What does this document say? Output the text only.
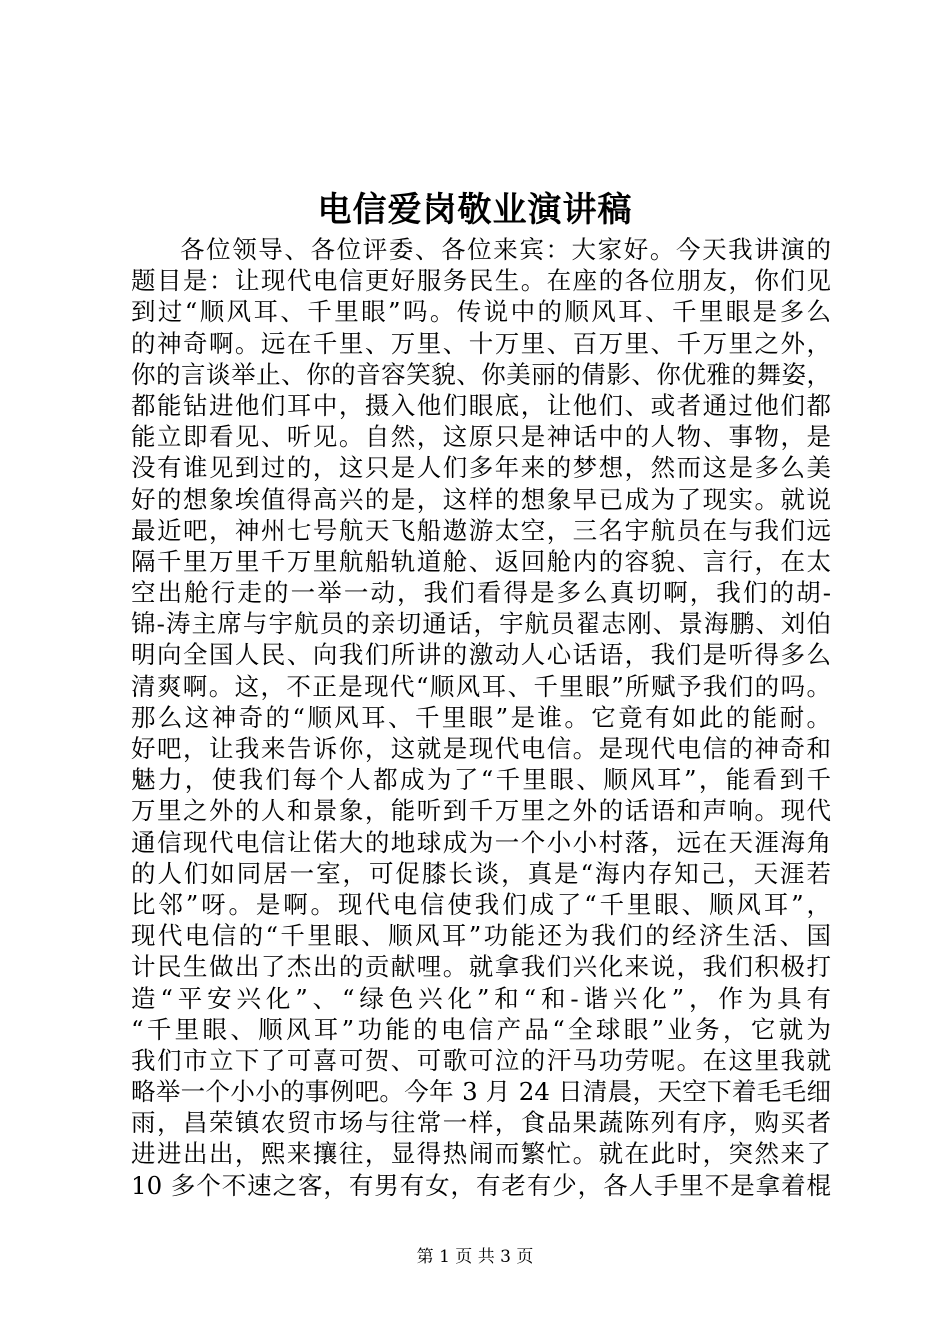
电信爱岗敬业演讲稿
各位领导、各位评委、各位来宾：大家好。今天我讲演的
题目是：让现代电信更好服务民生。在座的各位朋友，你们见
到过“顺风耳、千里眼”吗。传说中的顺风耳、千里眼是多么
的神奇啊。远在千里、万里、十万里、百万里、千万里之外，
你的言谈举止、你的音容笑貌、你美丽的倩影、你优雅的舞姿，
都能钻进他们耳中，摄入他们眼底，让他们、或者通过他们都
能立即看见、听见。自然，这原只是神话中的人物、事物，是
没有谁见到过的，这只是人们多年来的梦想，然而这是多么美
好的想象埃值得高兴的是，这样的想象早已成为了现实。就说
最近吧，神州七号航天飞船遨游太空，三名宇航员在与我们远
隔千里万里千万里航船轨道舱、返回舱内的容貌、言行，在太
空出舱行走的一举一动，我们看得是多么真切啊，我们的胡-
锦-涛主席与宇航员的亲切通话，宇航员翟志刚、景海鹏、刘伯
明向全国人民、向我们所讲的激动人心话语，我们是听得多么
清爽啊。这，不正是现代“顺风耳、千里眼”所赋予我们的吗。
那么这神奇的“顺风耳、千里眼”是谁。它竟有如此的能耐。
好吧，让我来告诉你，这就是现代电信。是现代电信的神奇和
魅力，使我们每个人都成为了“千里眼、顺风耳”，能看到千
万里之外的人和景象，能听到千万里之外的话语和声响。现代
通信现代电信让偌大的地球成为一个小小村落，远在天涯海角
的人们如同居一室，可促膝长谈，真是“海内存知己，天涯若
比邻”呀。是啊。现代电信使我们成了“千里眼、顺风耳”，
现代电信的“千里眼、顺风耳”功能还为我们的经济生活、国
计民生做出了杰出的贡献哩。就拿我们兴化来说，我们积极打
造“平安兴化”、“绿色兴化”和“和-谐兴化”，作为具有
“千里眼、顺风耳”功能的电信产品“全球眼”业务，它就为
我们市立下了可喜可贺、可歌可泣的汗马功劳呢。在这里我就
略举一个小小的事例吧。今年 3 月 24 日清晨，天空下着毛毛细
雨，昌荣镇农贸市场与往常一样，食品果蔬陈列有序，购买者
进进出出，熙来攘往，显得热闹而繁忙。就在此时，突然来了
10 多个不速之客，有男有女，有老有少，各人手里不是拿着棍
第 1 页 共 3 页
